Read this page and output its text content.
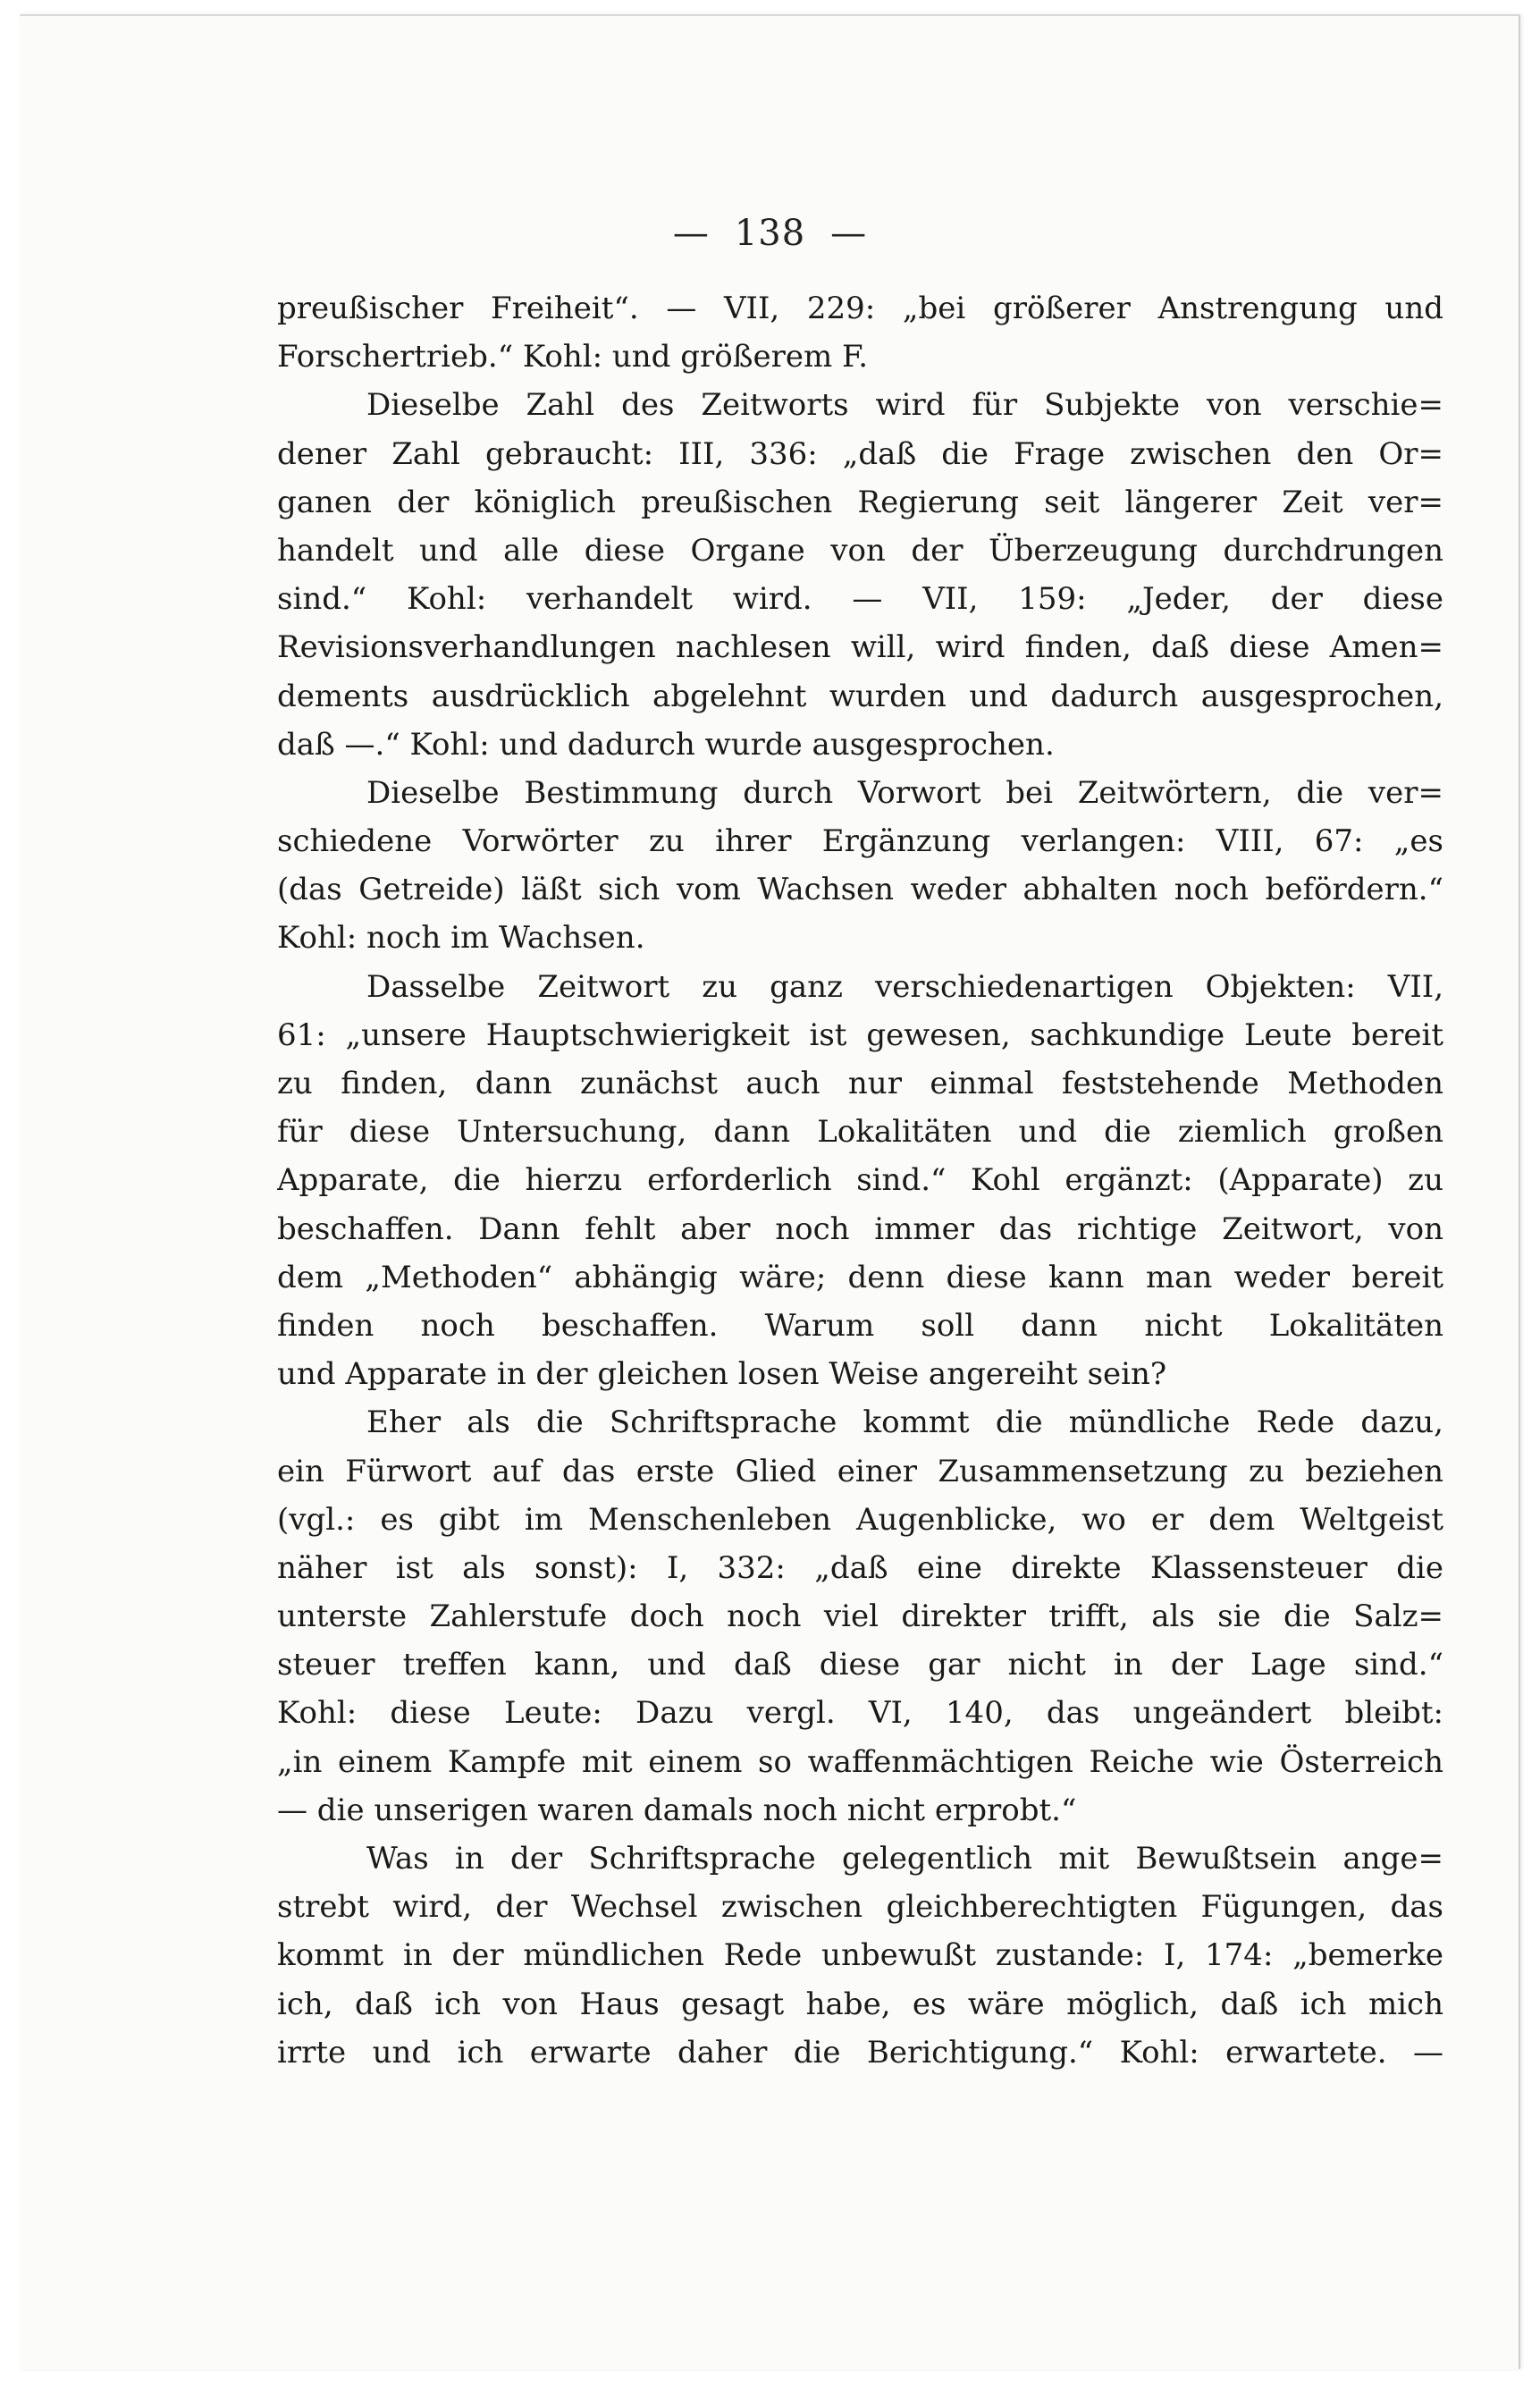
— 138 —
preußischer Freiheit“. — VII, 229: „bei größerer Anstrengung und
Forschertrieb.“ Kohl: und größerem F.
Dieselbe Zahl des Zeitworts wird für Subjekte von verschie=
dener Zahl gebraucht: III, 336: „daß die Frage zwischen den Or=
ganen der königlich preußischen Regierung seit längerer Zeit ver=
handelt und alle diese Organe von der Überzeugung durchdrungen
sind.“ Kohl: verhandelt wird. — VII, 159: „Jeder, der diese
Revisionsverhandlungen nachlesen will, wird finden, daß diese Amen=
dements ausdrücklich abgelehnt wurden und dadurch ausgesprochen,
daß —.“ Kohl: und dadurch wurde ausgesprochen.
Dieselbe Bestimmung durch Vorwort bei Zeitwörtern, die ver=
schiedene Vorwörter zu ihrer Ergänzung verlangen: VIII, 67: „es
(das Getreide) läßt sich vom Wachsen weder abhalten noch befördern.“
Kohl: noch im Wachsen.
Dasselbe Zeitwort zu ganz verschiedenartigen Objekten: VII,
61: „unsere Hauptschwierigkeit ist gewesen, sachkundige Leute bereit
zu finden, dann zunächst auch nur einmal feststehende Methoden
für diese Untersuchung, dann Lokalitäten und die ziemlich großen
Apparate, die hierzu erforderlich sind.“ Kohl ergänzt: (Apparate) zu
beschaffen. Dann fehlt aber noch immer das richtige Zeitwort, von
dem „Methoden“ abhängig wäre; denn diese kann man weder bereit
finden noch beschaffen. Warum soll dann nicht Lokalitäten
und Apparate in der gleichen losen Weise angereiht sein?
Eher als die Schriftsprache kommt die mündliche Rede dazu,
ein Fürwort auf das erste Glied einer Zusammensetzung zu beziehen
(vgl.: es gibt im Menschenleben Augenblicke, wo er dem Weltgeist
näher ist als sonst): I, 332: „daß eine direkte Klassensteuer die
unterste Zahlerstufe doch noch viel direkter trifft, als sie die Salz=
steuer treffen kann, und daß diese gar nicht in der Lage sind.“
Kohl: diese Leute: Dazu vergl. VI, 140, das ungeändert bleibt:
„in einem Kampfe mit einem so waffenmächtigen Reiche wie Österreich
— die unserigen waren damals noch nicht erprobt.“
Was in der Schriftsprache gelegentlich mit Bewußtsein ange=
strebt wird, der Wechsel zwischen gleichberechtigten Fügungen, das
kommt in der mündlichen Rede unbewußt zustande: I, 174: „bemerke
ich, daß ich von Haus gesagt habe, es wäre möglich, daß ich mich
irrte und ich erwarte daher die Berichtigung.“ Kohl: erwartete. —
